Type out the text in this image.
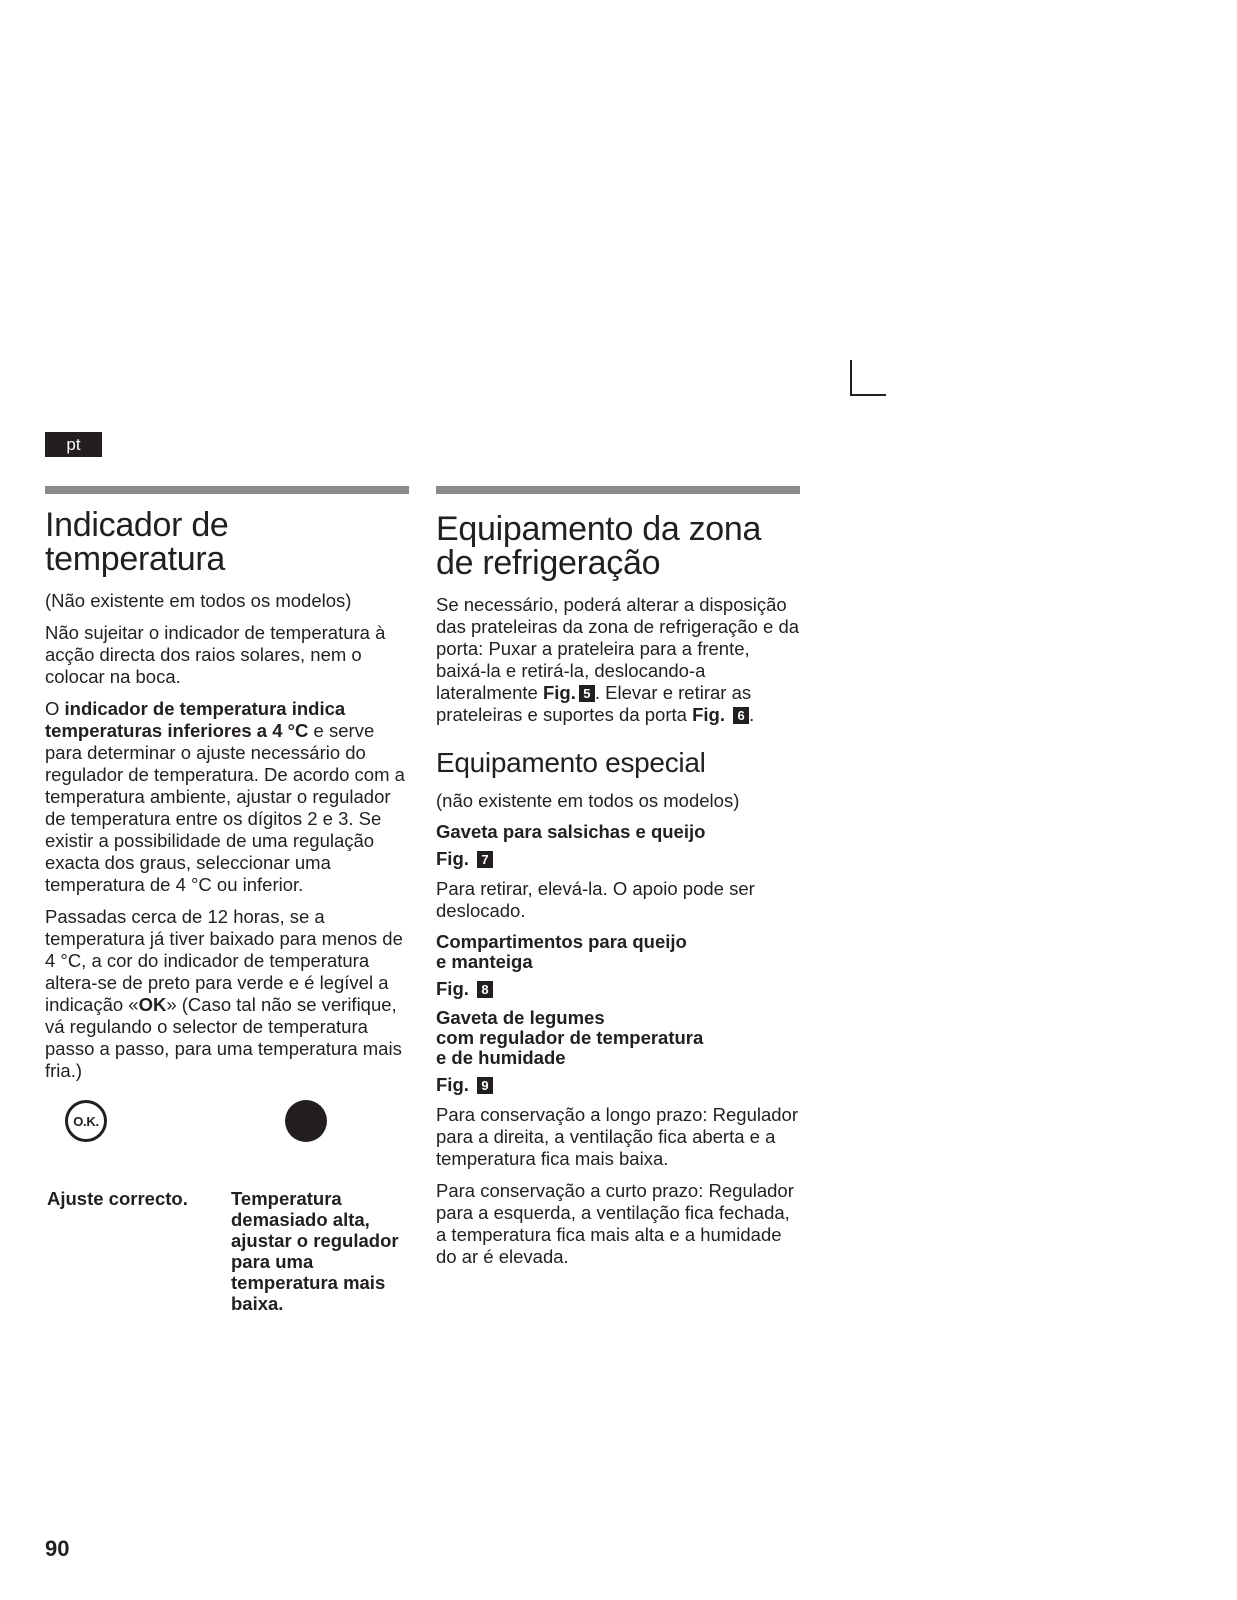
pt
Indicador de temperatura

(Não existente em todos os modelos)

Não sujeitar o indicador de temperatura à acção directa dos raios solares, nem o colocar na boca.

O indicador de temperatura indica temperaturas inferiores a 4 °C e serve para determinar o ajuste necessário do regulador de temperatura. De acordo com a temperatura ambiente, ajustar o regulador de temperatura entre os dígitos 2 e 3. Se existir a possibilidade de uma regulação exacta dos graus, seleccionar uma temperatura de 4 °C ou inferior.

Passadas cerca de 12 horas, se a temperatura já tiver baixado para menos de 4 °C, a cor do indicador de temperatura altera-se de preto para verde e é legível a indicação «OK» (Caso tal não se verifique, vá regulando o selector de temperatura passo a passo, para uma temperatura mais fria.)

O.K.
Ajuste correcto.	Temperatura demasiado alta, ajustar o regulador para uma temperatura mais baixa.
Equipamento da zona de refrigeração

Se necessário, poderá alterar a disposição das prateleiras da zona de refrigeração e da porta: Puxar a prateleira para a frente, baixá-la e retirá-la, deslocando-a lateralmente Fig. 5 . Elevar e retirar as prateleiras e suportes da porta Fig. 6 .

Equipamento especial

(não existente em todos os modelos)

Gaveta para salsichas e queijo
Fig. 7

Para retirar, elevá-la. O apoio pode ser deslocado.

Compartimentos para queijo
e manteiga
Fig. 8
Gaveta de legumes
com regulador de temperatura
e de humidade
Fig. 9

Para conservação a longo prazo: Regulador para a direita, a ventilação fica aberta e a temperatura fica mais baixa.

Para conservação a curto prazo: Regulador para a esquerda, a ventilação fica fechada, a temperatura fica mais alta e a humidade do ar é elevada.

90
